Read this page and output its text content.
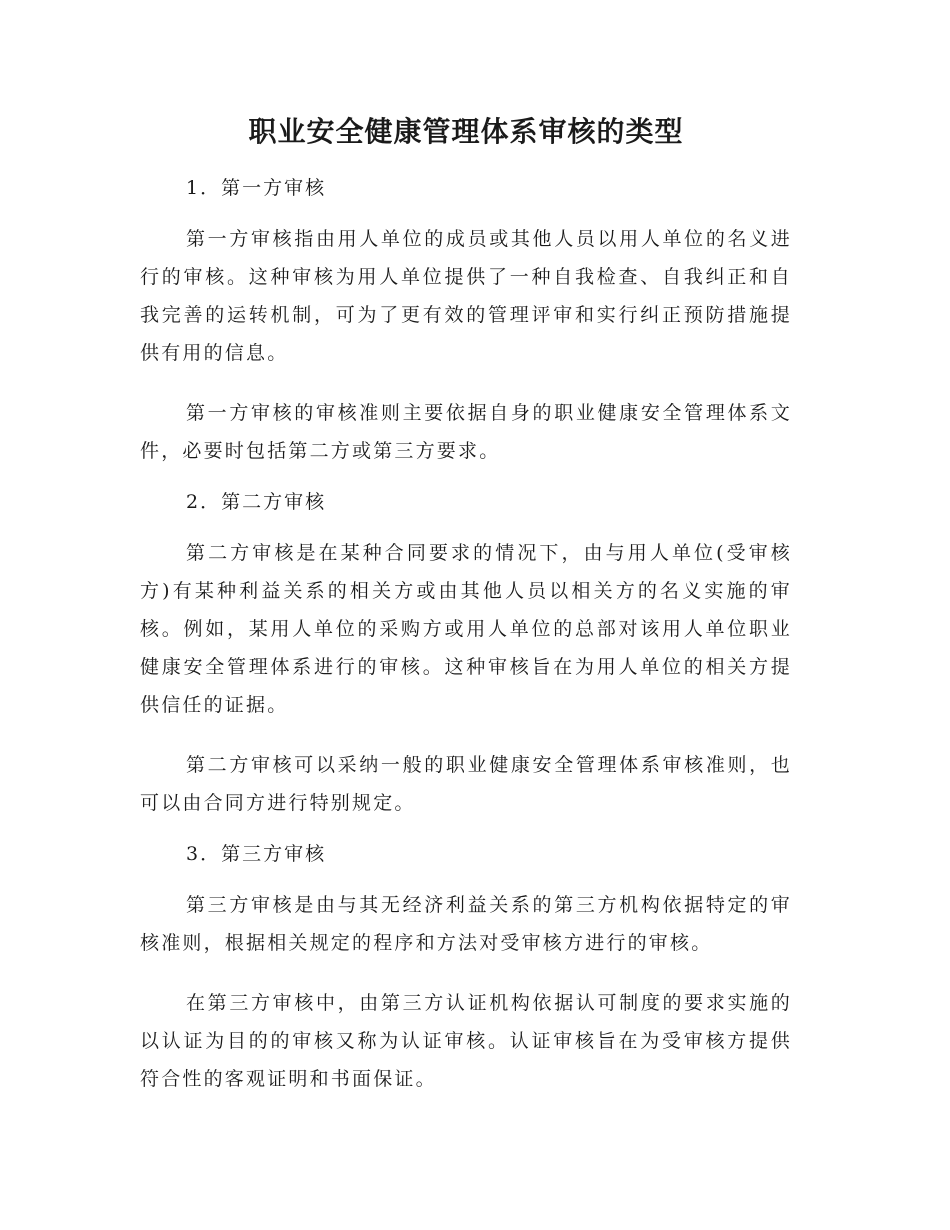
职业安全健康管理体系审核的类型

1．第一方审核

第一方审核指由用人单位的成员或其他人员以用人单位的名义进行的审核。这种审核为用人单位提供了一种自我检查、自我纠正和自我完善的运转机制，可为了更有效的管理评审和实行纠正预防措施提供有用的信息。

第一方审核的审核准则主要依据自身的职业健康安全管理体系文件，必要时包括第二方或第三方要求。

2．第二方审核

第二方审核是在某种合同要求的情况下，由与用人单位(受审核方)有某种利益关系的相关方或由其他人员以相关方的名义实施的审核。例如，某用人单位的采购方或用人单位的总部对该用人单位职业健康安全管理体系进行的审核。这种审核旨在为用人单位的相关方提供信任的证据。

第二方审核可以采纳一般的职业健康安全管理体系审核准则，也可以由合同方进行特别规定。

3．第三方审核

第三方审核是由与其无经济利益关系的第三方机构依据特定的审核准则，根据相关规定的程序和方法对受审核方进行的审核。

在第三方审核中，由第三方认证机构依据认可制度的要求实施的以认证为目的的审核又称为认证审核。认证审核旨在为受审核方提供符合性的客观证明和书面保证。
